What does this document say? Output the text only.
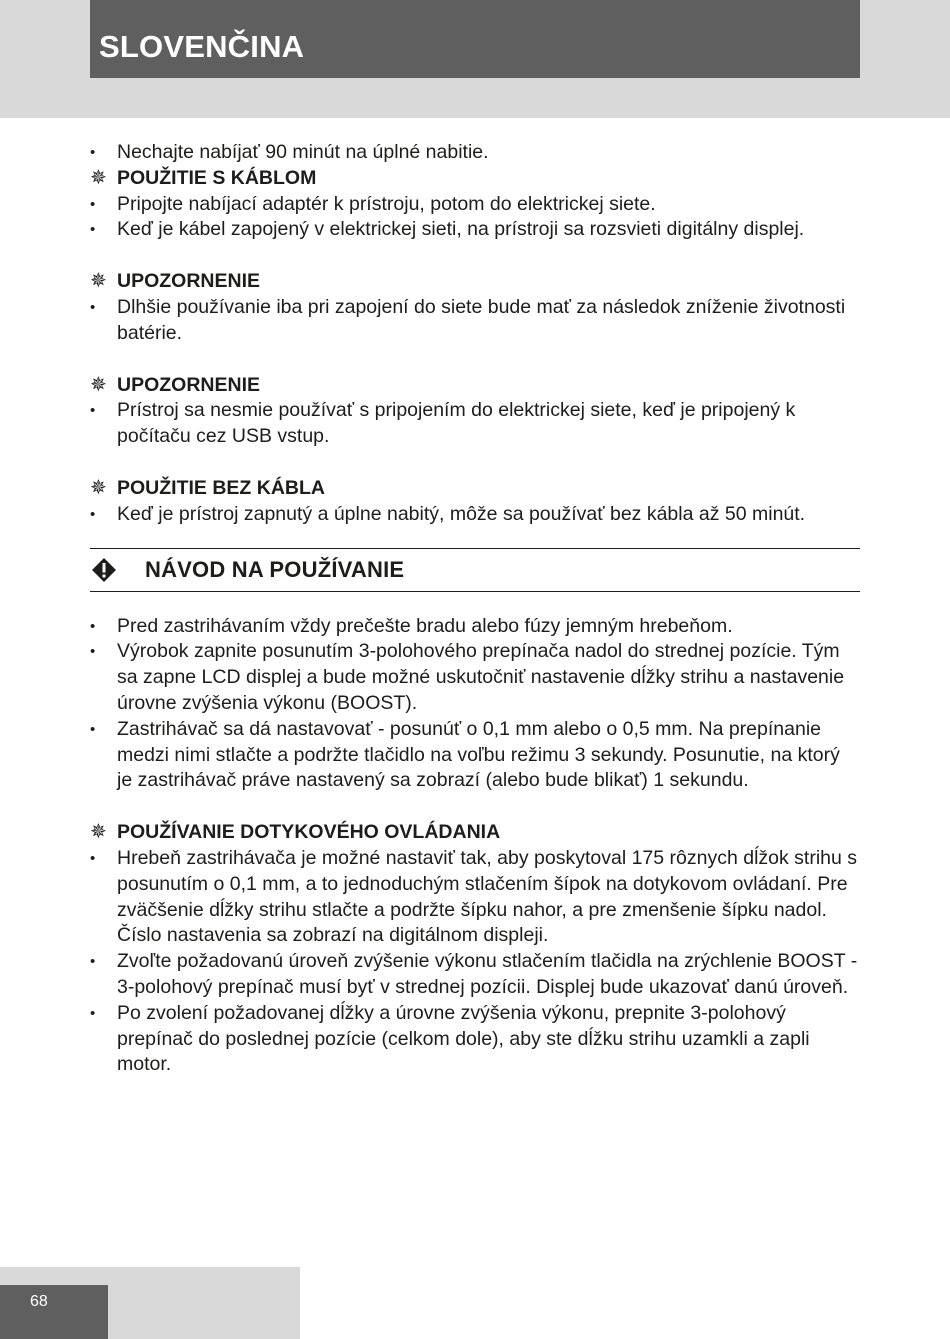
SLOVENČINA
• Nechajte nabíjať 90 minút na úplné nabitie.
✵ POUŽITIE S KÁBLOM
• Pripojte nabíjací adaptér k prístroju, potom do elektrickej siete.
• Keď je kábel zapojený v elektrickej sieti, na prístroji sa rozsvieti digitálny displej.
✵ UPOZORNENIE
• Dlhšie používanie iba pri zapojení do siete bude mať za následok zníženie životnosti batérie.
✵ UPOZORNENIE
• Prístroj sa nesmie používať s pripojením do elektrickej siete, keď je pripojený k počítaču cez USB vstup.
✵ POUŽITIE BEZ KÁBLA
• Keď je prístroj zapnutý a úplne nabitý, môže sa používať bez kábla až 50 minút.
NÁVOD NA POUŽÍVANIE
• Pred zastrihávaním vždy prečešte bradu alebo fúzy jemným hrebeňom.
• Výrobok zapnite posunutím 3-polohového prepínača nadol do strednej pozície. Tým sa zapne LCD displej a bude možné uskutočniť nastavenie dĺžky strihu a nastavenie úrovne zvýšenia výkonu (BOOST).
• Zastrihávač sa dá nastavovať - posunúť o 0,1 mm alebo o 0,5 mm. Na prepínanie medzi nimi stlačte a podržte tlačidlo na voľbu režimu 3 sekundy. Posunutie, na ktorý je zastrihávač práve nastavený sa zobrazí (alebo bude blikať) 1 sekundu.
✵ POUŽÍVANIE DOTYKOVÉHO OVLÁDANIA
• Hrebeň zastrihávača je možné nastaviť tak, aby poskytoval 175 rôznych dĺžok strihu s posunutím o 0,1 mm, a to jednoduchým stlačením šípok na dotykovom ovládaní. Pre zväčšenie dĺžky strihu stlačte a podržte šípku nahor, a pre zmenšenie šípku nadol. Číslo nastavenia sa zobrazí na digitálnom displeji.
• Zvoľte požadovanú úroveň zvýšenie výkonu stlačením tlačidla na zrýchlenie BOOST - 3-polohový prepínač musí byť v strednej pozícii. Displej bude ukazovať danú úroveň.
• Po zvolení požadovanej dĺžky a úrovne zvýšenia výkonu, prepnite 3-polohový prepínač do poslednej pozície (celkom dole), aby ste dĺžku strihu uzamkli a zapli motor.
68
